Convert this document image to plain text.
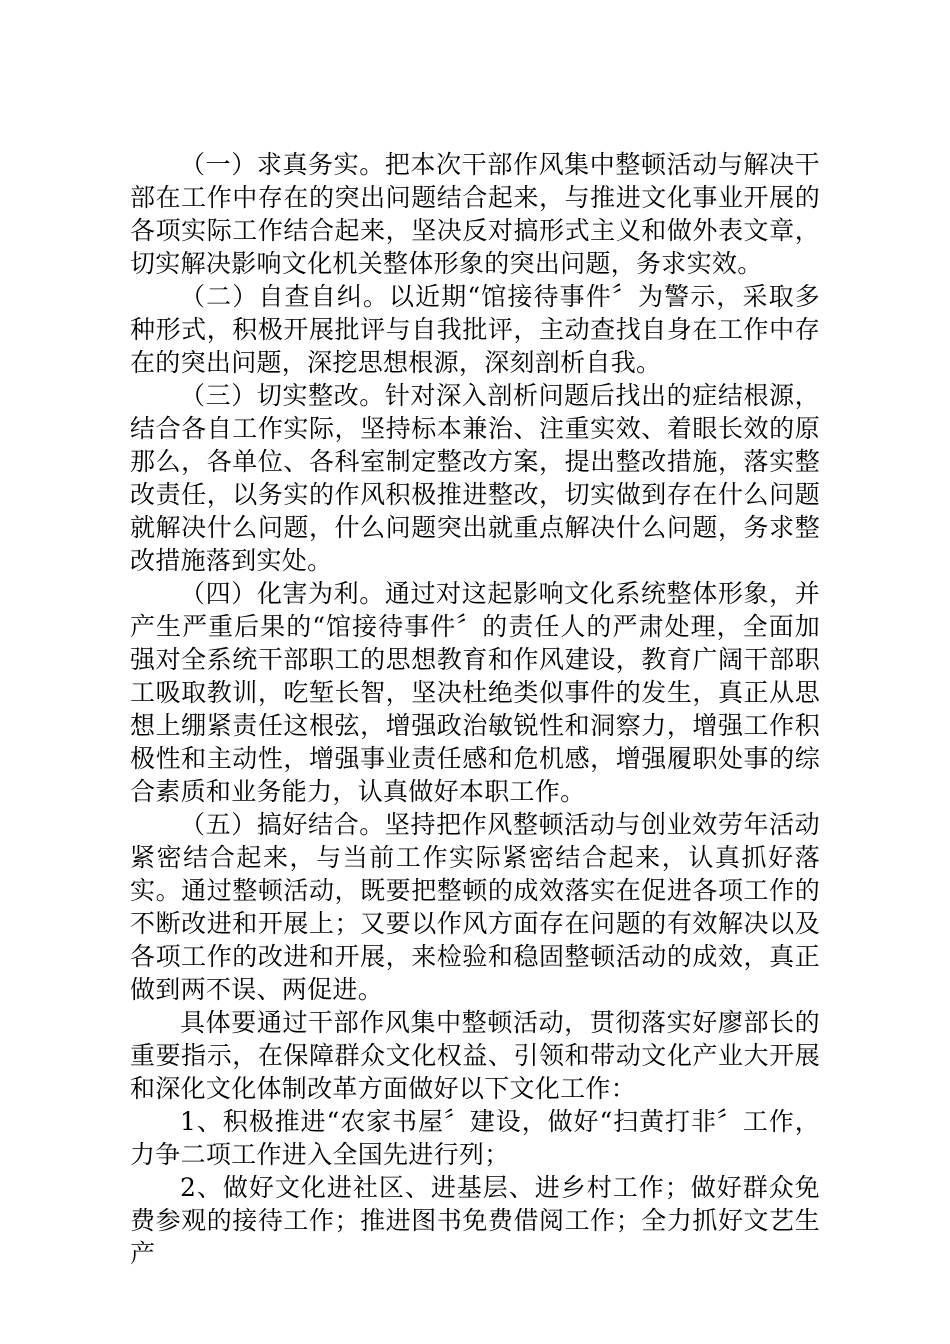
（一）求真务实。把本次干部作风集中整顿活动与解决干部在工作中存在的突出问题结合起来，与推进文化事业开展的各项实际工作结合起来，坚决反对搞形式主义和做外表文章，切实解决影响文化机关整体形象的突出问题，务求实效。

（二）自查自纠。以近期“馆接待事件〞为警示，采取多种形式，积极开展批评与自我批评，主动查找自身在工作中存在的突出问题，深挖思想根源，深刻剖析自我。

（三）切实整改。针对深入剖析问题后找出的症结根源，结合各自工作实际，坚持标本兼治、注重实效、着眼长效的原那么，各单位、各科室制定整改方案，提出整改措施，落实整改责任，以务实的作风积极推进整改，切实做到存在什么问题就解决什么问题，什么问题突出就重点解决什么问题，务求整改措施落到实处。

（四）化害为利。通过对这起影响文化系统整体形象，并产生严重后果的“馆接待事件〞的责任人的严肃处理，全面加强对全系统干部职工的思想教育和作风建设，教育广阔干部职工吸取教训，吃堑长智，坚决杜绝类似事件的发生，真正从思想上绷紧责任这根弦，增强政治敏锐性和洞察力，增强工作积极性和主动性，增强事业责任感和危机感，增强履职处事的综合素质和业务能力，认真做好本职工作。

（五）搞好结合。坚持把作风整顿活动与创业效劳年活动紧密结合起来，与当前工作实际紧密结合起来，认真抓好落实。通过整顿活动，既要把整顿的成效落实在促进各项工作的不断改进和开展上；又要以作风方面存在问题的有效解决以及各项工作的改进和开展，来检验和稳固整顿活动的成效，真正做到两不误、两促进。

具体要通过干部作风集中整顿活动，贯彻落实好廖部长的重要指示，在保障群众文化权益、引领和带动文化产业大开展和深化文化体制改革方面做好以下文化工作：

1、积极推进“农家书屋〞建设，做好“扫黄打非〞工作，力争二项工作进入全国先进行列；

2、做好文化进社区、进基层、进乡村工作；做好群众免费参观的接待工作；推进图书免费借阅工作；全力抓好文艺生产
